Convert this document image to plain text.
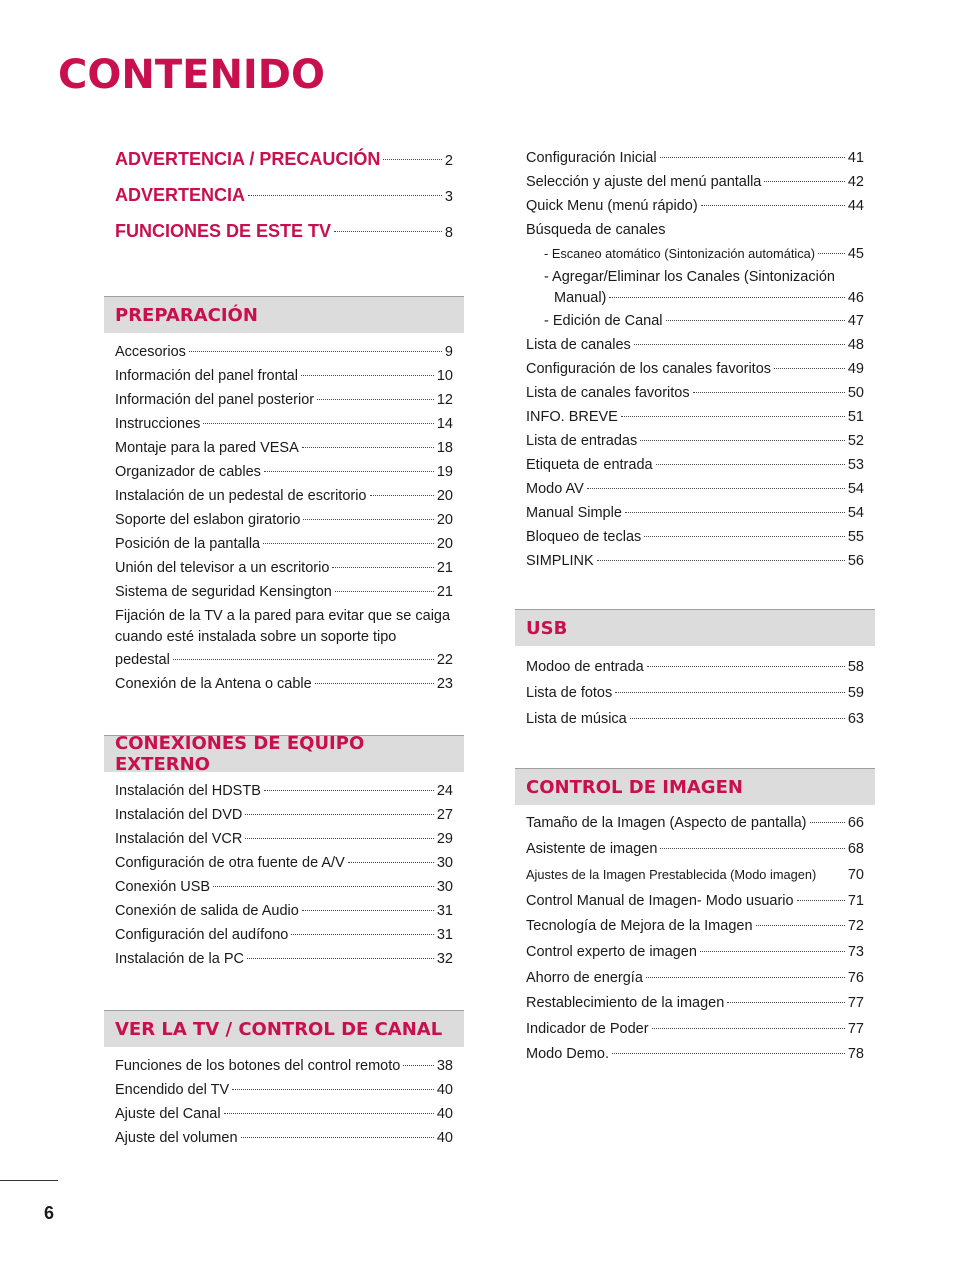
CONTENIDO
ADVERTENCIA / PRECAUCIÓN	2
ADVERTENCIA	3
FUNCIONES DE ESTE TV	8
PREPARACIÓN
Accesorios	9
Información del panel frontal	10
Información del panel posterior	12
Instrucciones	14
Montaje para la pared VESA	18
Organizador de cables	19
Instalación de un pedestal de escritorio	20
Soporte del eslabon giratorio	20
Posición de la pantalla	20
Unión del televisor a un escritorio	21
Sistema de seguridad Kensington	21
Fijación de la TV a la pared para evitar que se caiga
cuando esté instalada sobre un soporte tipo
pedestal	22
Conexión de la Antena o cable	23
CONEXIONES DE EQUIPO EXTERNO
Instalación del HDSTB	24
Instalación del DVD	27
Instalación del VCR	29
Configuración de otra fuente de A/V	30
Conexión USB	30
Conexión de salida de Audio	31
Configuración del audífono	31
Instalación de la PC	32
VER LA TV / CONTROL DE CANAL
Funciones de los botones del control remoto	38
Encendido del TV	40
Ajuste del Canal	40
Ajuste del volumen	40
Configuración Inicial	41
Selección y ajuste del menú pantalla	42
Quick Menu (menú rápido)	44
Búsqueda de canales
- Escaneo atomático (Sintonización automática) 45
- Agregar/Eliminar los Canales (Sintonización
Manual)	46
- Edición de Canal	47
Lista de canales	48
Configuración de los canales favoritos	49
Lista de canales favoritos	50
INFO. BREVE	51
Lista de entradas	52
Etiqueta de entrada	53
Modo AV	54
Manual Simple	54
Bloqueo de teclas	55
SIMPLINK	56
USB
Modoo de entrada	58
Lista de fotos	59
Lista de música	63
CONTROL DE IMAGEN
Tamaño de la Imagen (Aspecto de pantalla)	66
Asistente de imagen	68
Ajustes de la Imagen Prestablecida (Modo imagen) 70
Control Manual de Imagen- Modo usuario	71
Tecnología de Mejora de la Imagen	72
Control experto de imagen	73
Ahorro de energía	76
Restablecimiento de la imagen	77
Indicador de Poder	77
Modo Demo.	78
6
